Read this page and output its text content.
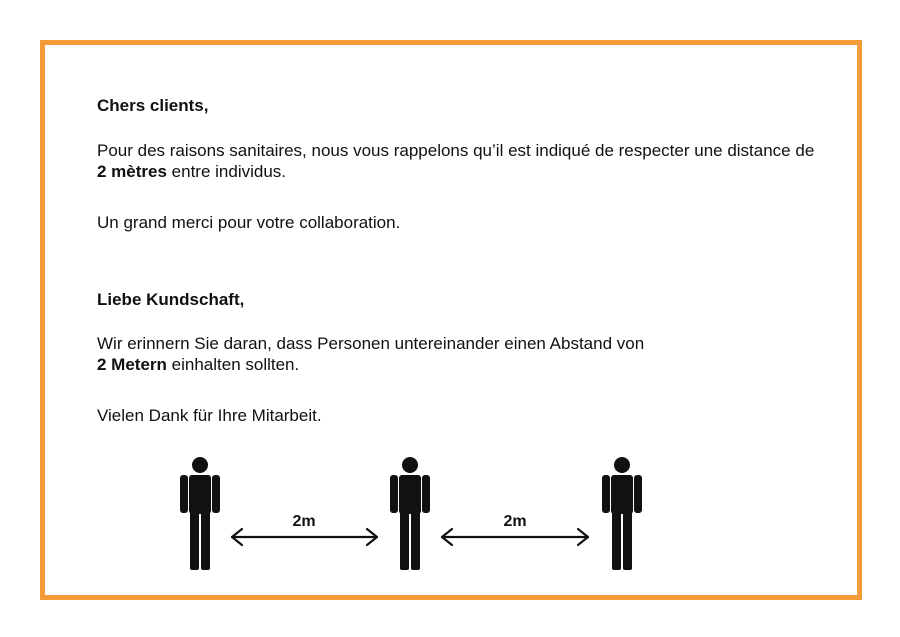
Chers clients,

Pour des raisons sanitaires, nous vous rappelons qu’il est indiqué de respecter une distance de 2 mètres entre individus.

Un grand merci pour votre collaboration.

Liebe Kundschaft,

Wir erinnern Sie daran, dass Personen untereinander einen Abstand von
2 Metern einhalten sollten.

Vielen Dank für Ihre Mitarbeit.

2m	2m
